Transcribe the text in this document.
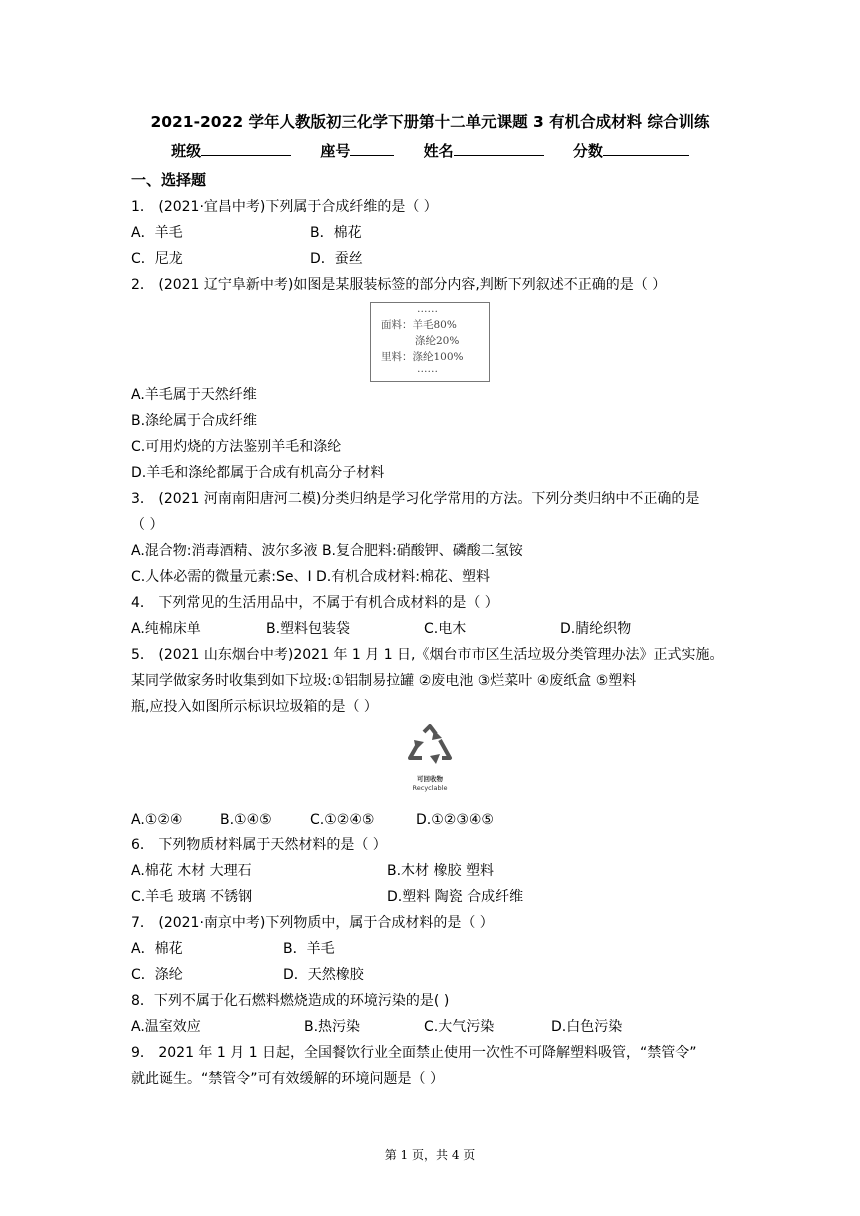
2021-2022 学年人教版初三化学下册第十二单元课题 3 有机合成材料 综合训练
班级	座号	姓名	分数
一、选择题
1． (2021·宜昌中考)下列属于合成纤维的是（ ）
A．羊毛	B．棉花
C．尼龙	D．蚕丝
2． (2021 辽宁阜新中考)如图是某服装标签的部分内容,判断下列叙述不正确的是（ ）
……
面料：羊毛80%
涤纶20%
里料：涤纶100%
……
A.羊毛属于天然纤维
B.涤纶属于合成纤维
C.可用灼烧的方法鉴别羊毛和涤纶
D.羊毛和涤纶都属于合成有机高分子材料
3． (2021 河南南阳唐河二模)分类归纳是学习化学常用的方法。下列分类归纳中不正确的是
（ ）
A.混合物:消毒酒精、波尔多液 B.复合肥料:硝酸钾、磷酸二氢铵
C.人体必需的微量元素:Se、I D.有机合成材料:棉花、塑料
4． 下列常见的生活用品中，不属于有机合成材料的是（ ）
A.纯棉床单	B.塑料包装袋	C.电木	D.腈纶织物
5． (2021 山东烟台中考)2021 年 1 月 1 日,《烟台市市区生活垃圾分类管理办法》正式实施。
某同学做家务时收集到如下垃圾:①铝制易拉罐 ②废电池 ③烂菜叶 ④废纸盒 ⑤塑料
瓶,应投入如图所示标识垃圾箱的是（ ）
可回收物
Recyclable
A.①②④	B.①④⑤	C.①②④⑤	D.①②③④⑤
6． 下列物质材料属于天然材料的是（ ）
A.棉花 木材 大理石	B.木材 橡胶 塑料
C.羊毛 玻璃 不锈钢	D.塑料 陶瓷 合成纤维
7． (2021·南京中考)下列物质中，属于合成材料的是（ ）
A．棉花	B．羊毛
C．涤纶	D．天然橡胶
8．下列不属于化石燃料燃烧造成的环境污染的是( )
A.温室效应	B.热污染	C.大气污染	D.白色污染
9． 2021 年 1 月 1 日起，全国餐饮行业全面禁止使用一次性不可降解塑料吸管，“禁管令”
就此诞生。“禁管令”可有效缓解的环境问题是（ ）
第 1 页，共 4 页
